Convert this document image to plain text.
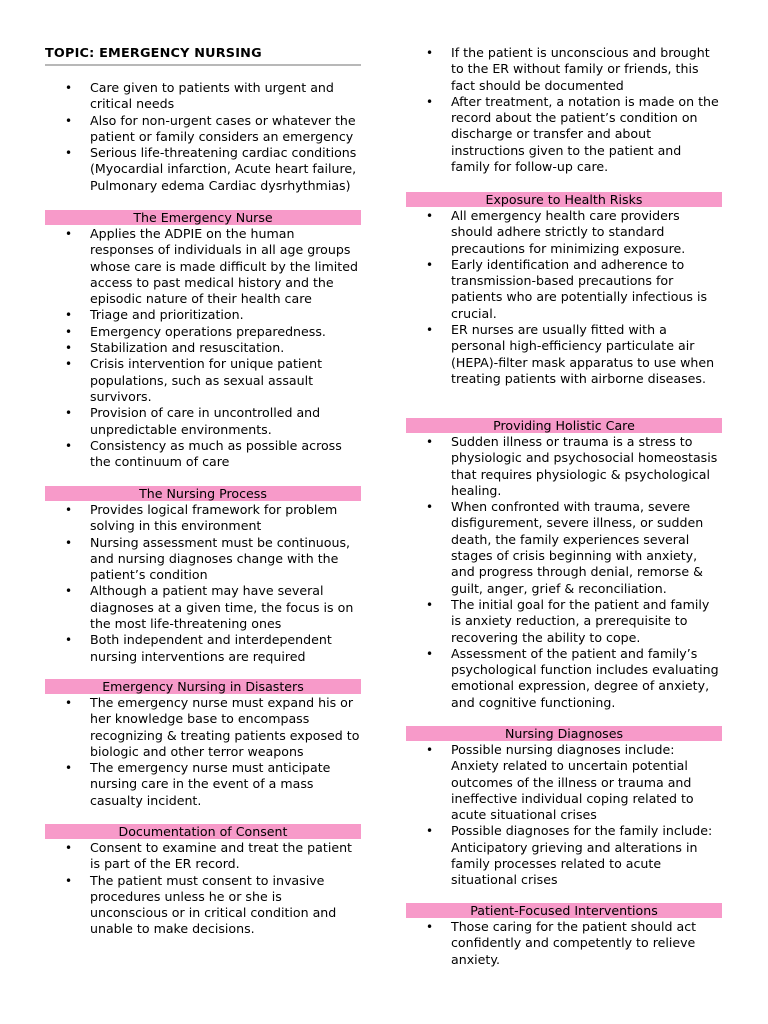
TOPIC: EMERGENCY NURSING
• Care given to patients with urgent and critical needs
• Also for non-urgent cases or whatever the patient or family considers an emergency
• Serious life-threatening cardiac conditions (Myocardial infarction, Acute heart failure, Pulmonary edema Cardiac dysrhythmias)
The Emergency Nurse
• Applies the ADPIE on the human responses of individuals in all age groups whose care is made difficult by the limited access to past medical history and the episodic nature of their health care
• Triage and prioritization.
• Emergency operations preparedness.
• Stabilization and resuscitation.
• Crisis intervention for unique patient populations, such as sexual assault survivors.
• Provision of care in uncontrolled and unpredictable environments.
• Consistency as much as possible across the continuum of care
The Nursing Process
• Provides logical framework for problem solving in this environment
• Nursing assessment must be continuous, and nursing diagnoses change with the patient’s condition
• Although a patient may have several diagnoses at a given time, the focus is on the most life-threatening ones
• Both independent and interdependent nursing interventions are required
Emergency Nursing in Disasters
• The emergency nurse must expand his or her knowledge base to encompass recognizing & treating patients exposed to biologic and other terror weapons
• The emergency nurse must anticipate nursing care in the event of a mass casualty incident.
Documentation of Consent
• Consent to examine and treat the patient is part of the ER record.
• The patient must consent to invasive procedures unless he or she is unconscious or in critical condition and unable to make decisions.
• If the patient is unconscious and brought to the ER without family or friends, this fact should be documented
• After treatment, a notation is made on the record about the patient’s condition on discharge or transfer and about instructions given to the patient and family for follow-up care.
Exposure to Health Risks
• All emergency health care providers should adhere strictly to standard precautions for minimizing exposure.
• Early identification and adherence to transmission-based precautions for patients who are potentially infectious is crucial.
• ER nurses are usually fitted with a personal high-efficiency particulate air (HEPA)-filter mask apparatus to use when treating patients with airborne diseases.
Providing Holistic Care
• Sudden illness or trauma is a stress to physiologic and psychosocial homeostasis that requires physiologic & psychological healing.
• When confronted with trauma, severe disfigurement, severe illness, or sudden death, the family experiences several stages of crisis beginning with anxiety, and progress through denial, remorse & guilt, anger, grief & reconciliation.
• The initial goal for the patient and family is anxiety reduction, a prerequisite to recovering the ability to cope.
• Assessment of the patient and family’s psychological function includes evaluating emotional expression, degree of anxiety, and cognitive functioning.
Nursing Diagnoses
• Possible nursing diagnoses include: Anxiety related to uncertain potential outcomes of the illness or trauma and ineffective individual coping related to acute situational crises
• Possible diagnoses for the family include: Anticipatory grieving and alterations in family processes related to acute situational crises
Patient-Focused Interventions
• Those caring for the patient should act confidently and competently to relieve anxiety.
